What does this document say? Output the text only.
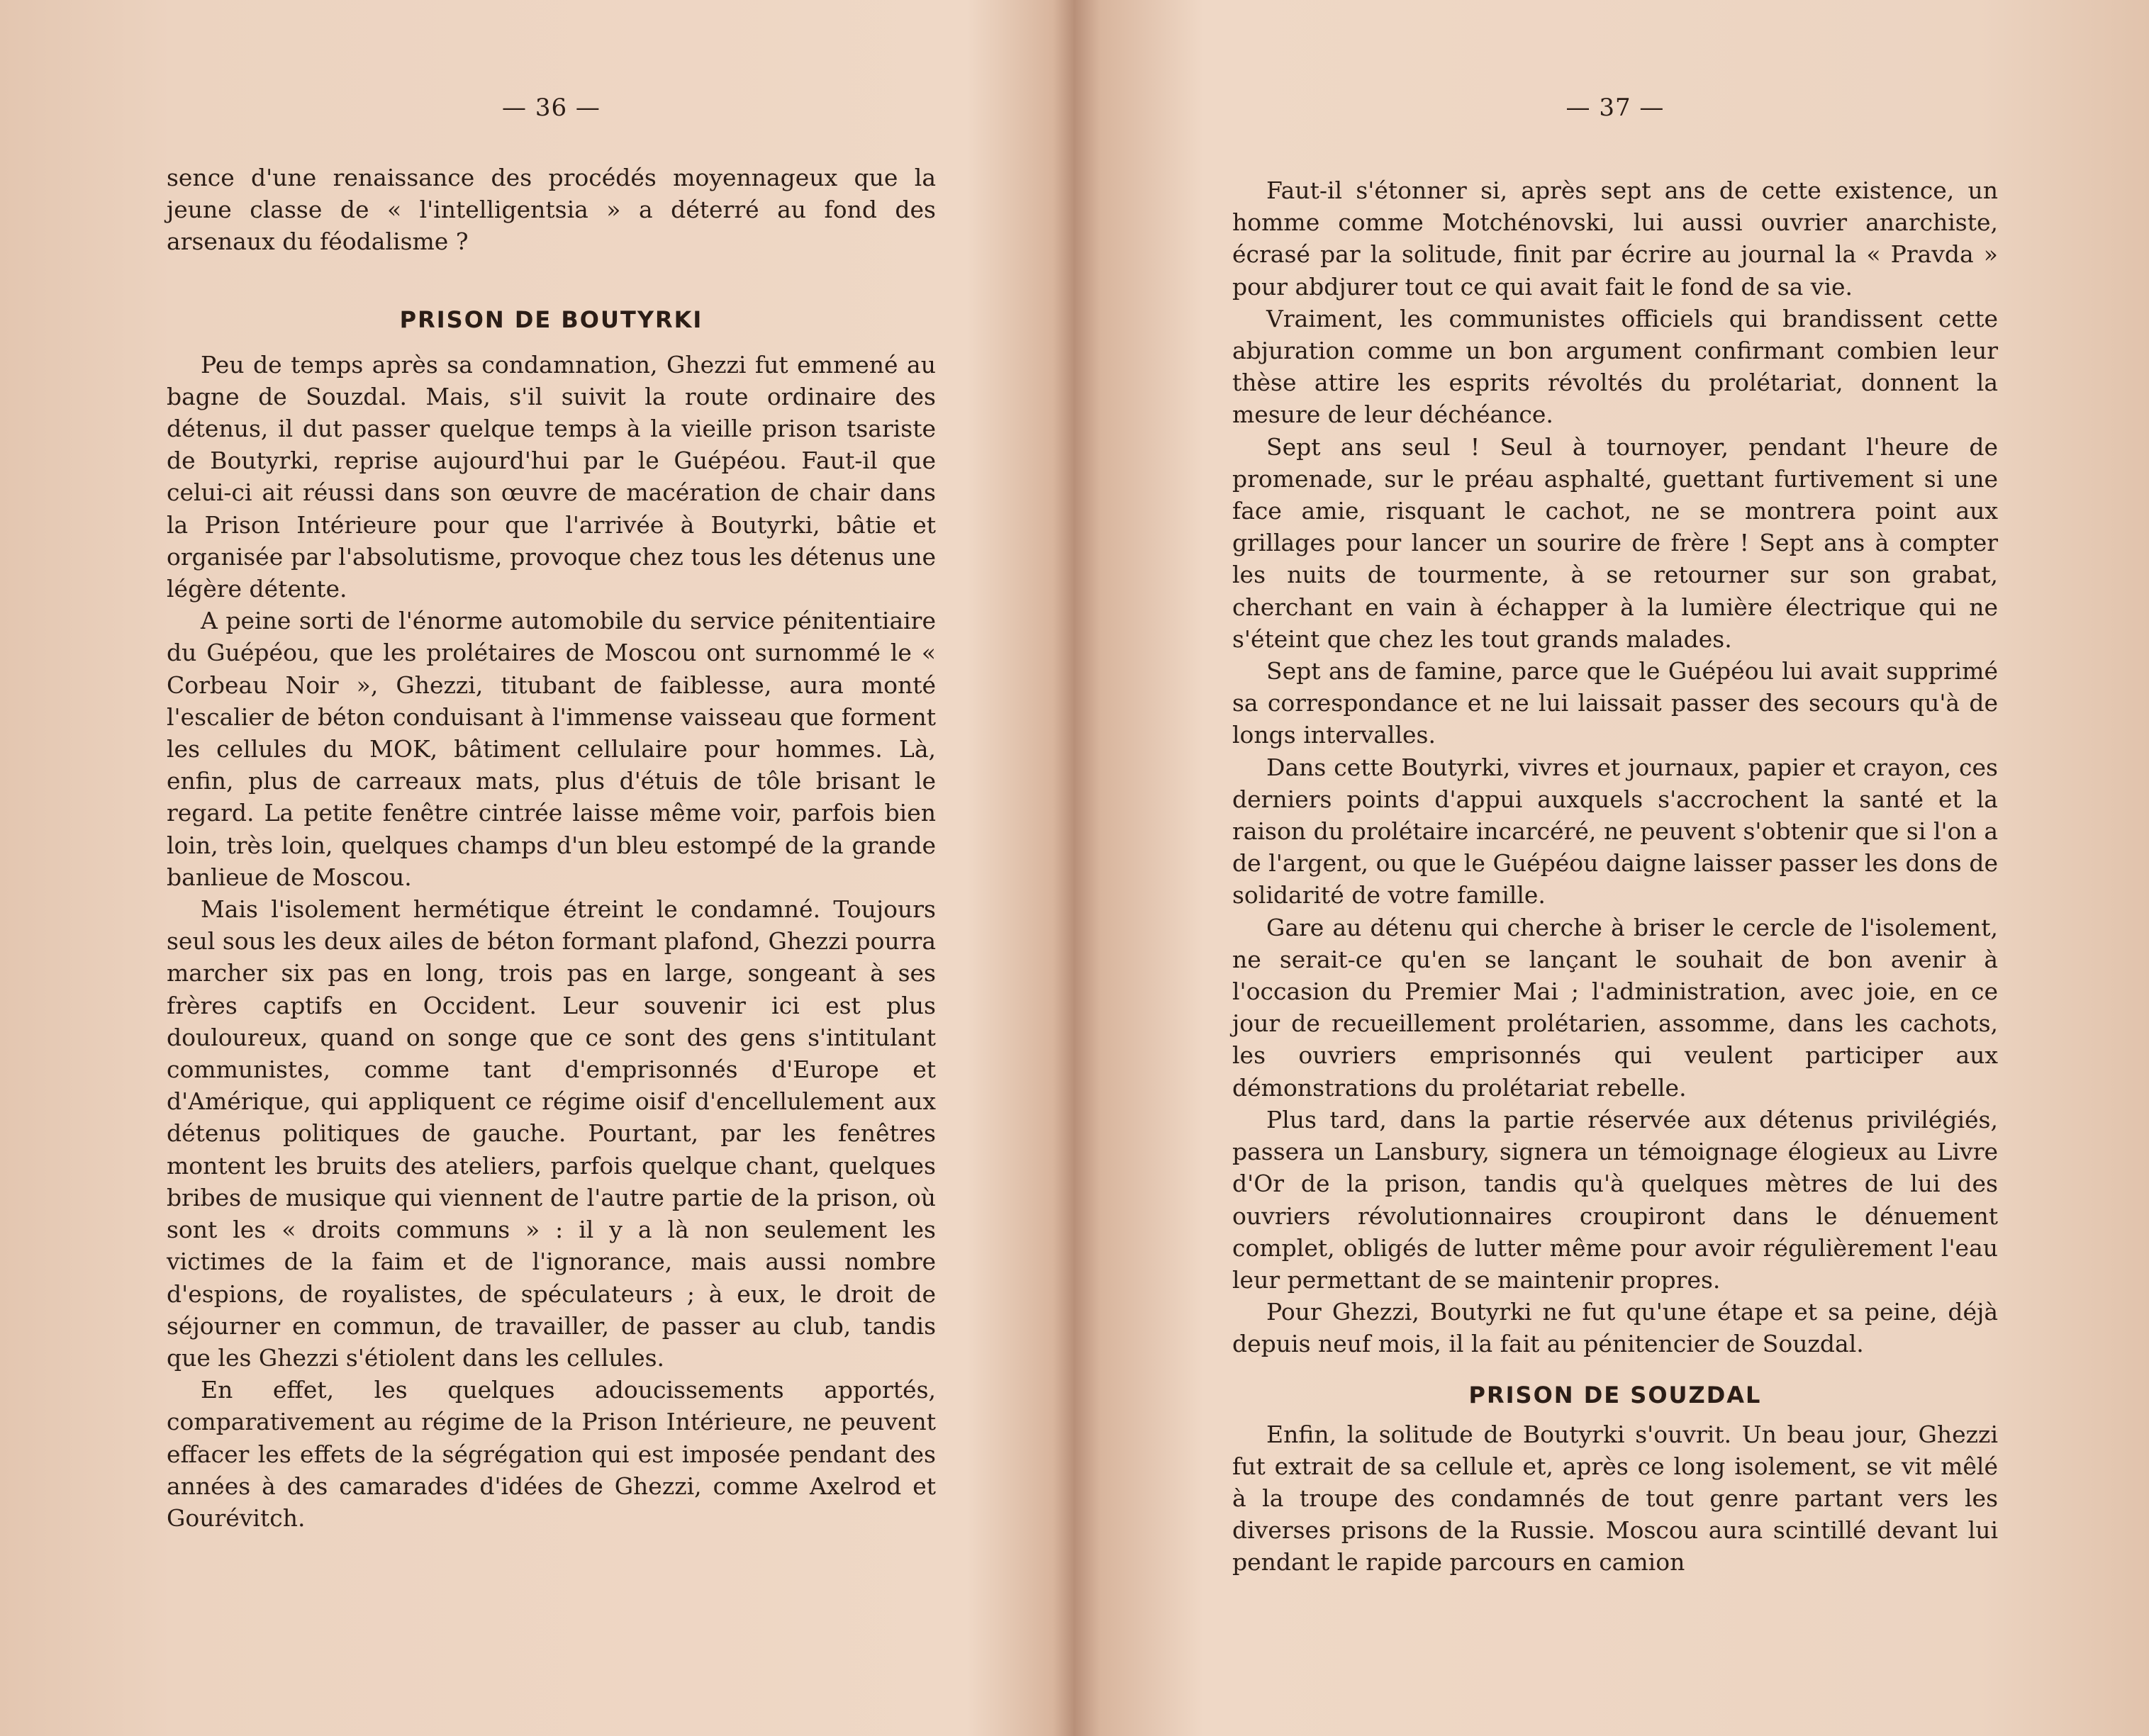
— 36 —

sence d'une renaissance des procédés moyennageux que la jeune classe de « l'intelligentsia » a déterré au fond des arsenaux du féodalisme ?

PRISON DE BOUTYRKI

Peu de temps après sa condamnation, Ghezzi fut emmené au bagne de Souzdal. Mais, s'il suivit la route ordinaire des détenus, il dut passer quelque temps à la vieille prison tsariste de Boutyrki, reprise aujourd'hui par le Guépéou. Faut-il que celui-ci ait réussi dans son œuvre de macération de chair dans la Prison Intérieure pour que l'arrivée à Boutyrki, bâtie et organisée par l'absolutisme, provoque chez tous les détenus une légère détente.

A peine sorti de l'énorme automobile du service pénitentiaire du Guépéou, que les prolétaires de Moscou ont surnommé le « Corbeau Noir », Ghezzi, titubant de faiblesse, aura monté l'escalier de béton conduisant à l'immense vaisseau que forment les cellules du MOK, bâtiment cellulaire pour hommes. Là, enfin, plus de carreaux mats, plus d'étuis de tôle brisant le regard. La petite fenêtre cintrée laisse même voir, parfois bien loin, très loin, quelques champs d'un bleu estompé de la grande banlieue de Moscou.

Mais l'isolement hermétique étreint le condamné. Toujours seul sous les deux ailes de béton formant plafond, Ghezzi pourra marcher six pas en long, trois pas en large, songeant à ses frères captifs en Occident. Leur souvenir ici est plus douloureux, quand on songe que ce sont des gens s'intitulant communistes, comme tant d'emprisonnés d'Europe et d'Amérique, qui appliquent ce régime oisif d'encellulement aux détenus politiques de gauche. Pourtant, par les fenêtres montent les bruits des ateliers, parfois quelque chant, quelques bribes de musique qui viennent de l'autre partie de la prison, où sont les « droits communs » : il y a là non seulement les victimes de la faim et de l'ignorance, mais aussi nombre d'espions, de royalistes, de spéculateurs ; à eux, le droit de séjourner en commun, de travailler, de passer au club, tandis que les Ghezzi s'étiolent dans les cellules.

En effet, les quelques adoucissements apportés, comparativement au régime de la Prison Intérieure, ne peuvent effacer les effets de la ségrégation qui est imposée pendant des années à des camarades d'idées de Ghezzi, comme Axelrod et Gourévitch.

— 37 —

Faut-il s'étonner si, après sept ans de cette existence, un homme comme Motchénovski, lui aussi ouvrier anarchiste, écrasé par la solitude, finit par écrire au journal la « Pravda » pour abdjurer tout ce qui avait fait le fond de sa vie.

Vraiment, les communistes officiels qui brandissent cette abjuration comme un bon argument confirmant combien leur thèse attire les esprits révoltés du prolétariat, donnent la mesure de leur déchéance.

Sept ans seul ! Seul à tournoyer, pendant l'heure de promenade, sur le préau asphalté, guettant furtivement si une face amie, risquant le cachot, ne se montrera point aux grillages pour lancer un sourire de frère ! Sept ans à compter les nuits de tourmente, à se retourner sur son grabat, cherchant en vain à échapper à la lumière électrique qui ne s'éteint que chez les tout grands malades.

Sept ans de famine, parce que le Guépéou lui avait supprimé sa correspondance et ne lui laissait passer des secours qu'à de longs intervalles.

Dans cette Boutyrki, vivres et journaux, papier et crayon, ces derniers points d'appui auxquels s'accrochent la santé et la raison du prolétaire incarcéré, ne peuvent s'obtenir que si l'on a de l'argent, ou que le Guépéou daigne laisser passer les dons de solidarité de votre famille.

Gare au détenu qui cherche à briser le cercle de l'isolement, ne serait-ce qu'en se lançant le souhait de bon avenir à l'occasion du Premier Mai ; l'administration, avec joie, en ce jour de recueillement prolétarien, assomme, dans les cachots, les ouvriers emprisonnés qui veulent participer aux démonstrations du prolétariat rebelle.

Plus tard, dans la partie réservée aux détenus privilégiés, passera un Lansbury, signera un témoignage élogieux au Livre d'Or de la prison, tandis qu'à quelques mètres de lui des ouvriers révolutionnaires croupiront dans le dénuement complet, obligés de lutter même pour avoir régulièrement l'eau leur permettant de se maintenir propres.

Pour Ghezzi, Boutyrki ne fut qu'une étape et sa peine, déjà depuis neuf mois, il la fait au pénitencier de Souzdal.

PRISON DE SOUZDAL

Enfin, la solitude de Boutyrki s'ouvrit. Un beau jour, Ghezzi fut extrait de sa cellule et, après ce long isolement, se vit mêlé à la troupe des condamnés de tout genre partant vers les diverses prisons de la Russie. Moscou aura scintillé devant lui pendant le rapide parcours en camion
